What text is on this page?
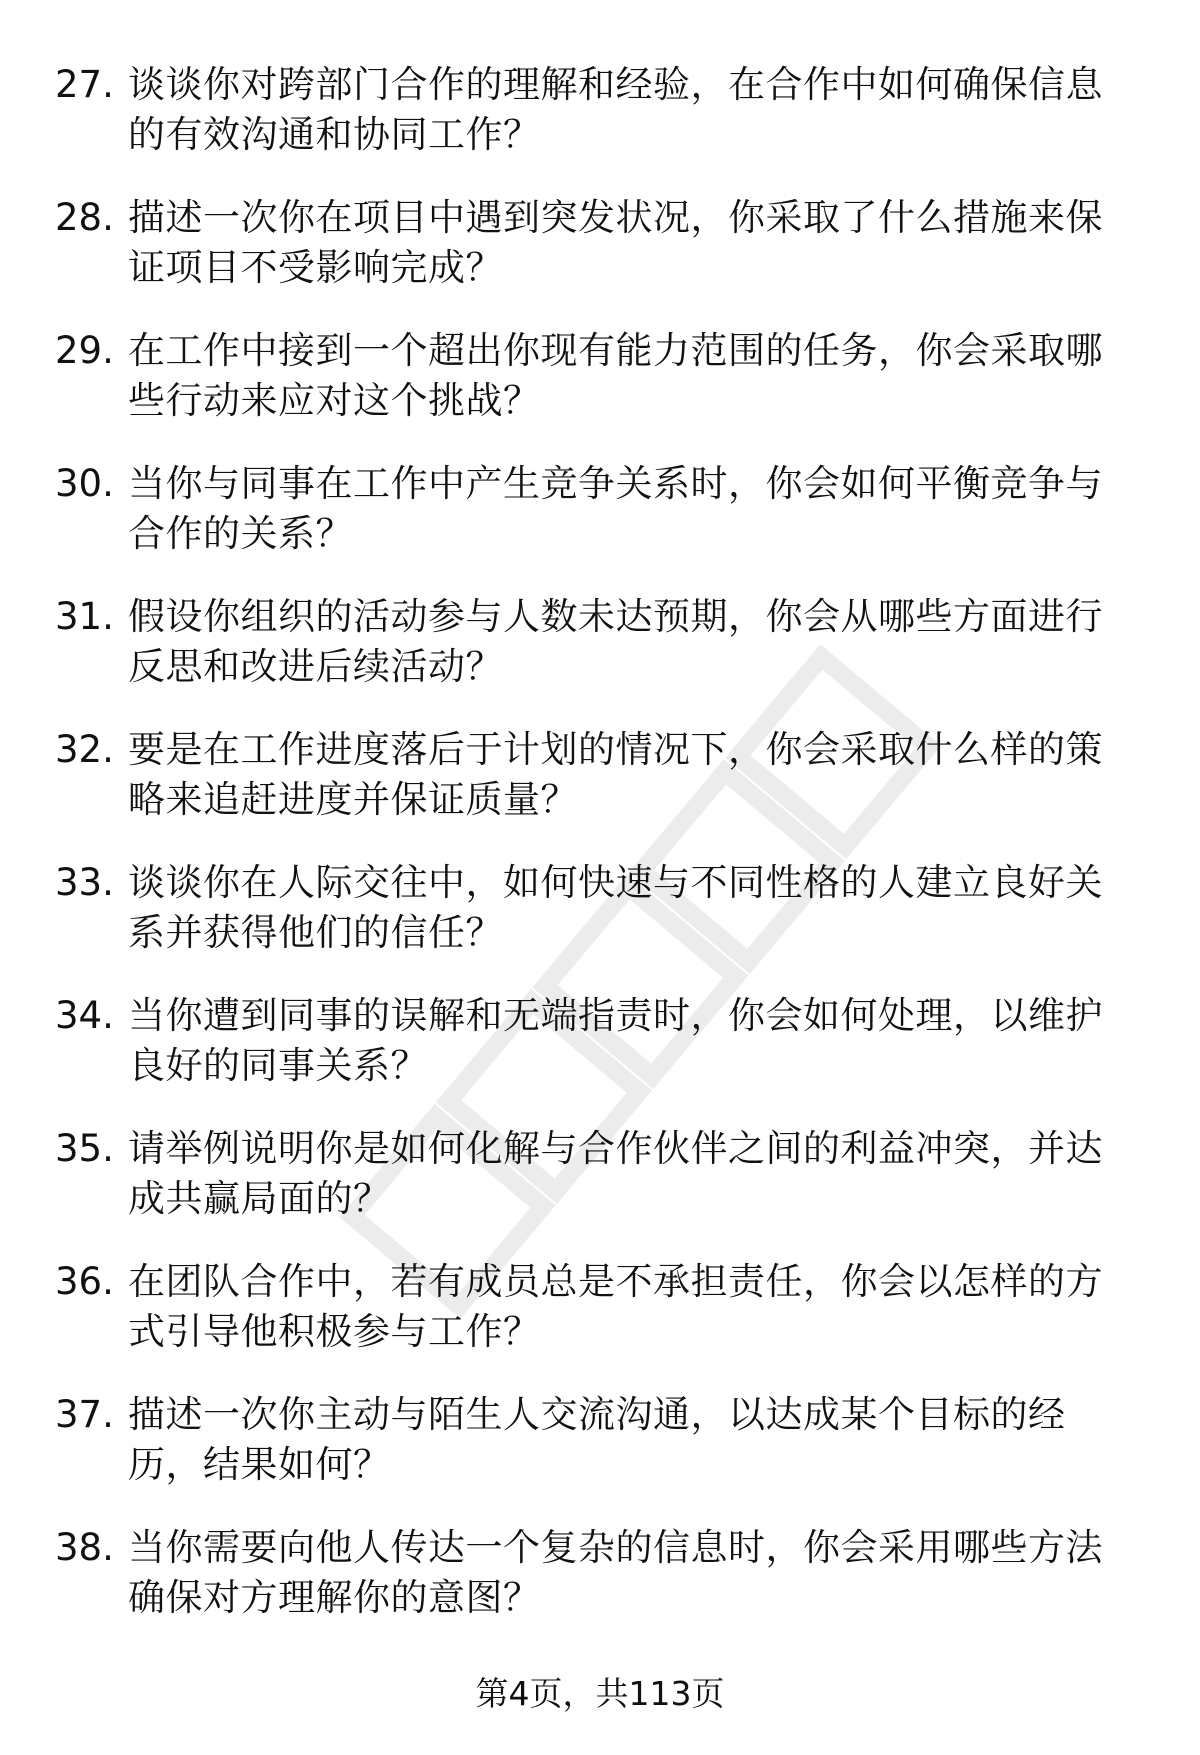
27. 谈谈你对跨部门合作的理解和经验，在合作中如何确保信息的有效沟通和协同工作？
28. 描述一次你在项目中遇到突发状况，你采取了什么措施来保证项目不受影响完成？
29. 在工作中接到一个超出你现有能力范围的任务，你会采取哪些行动来应对这个挑战？
30. 当你与同事在工作中产生竞争关系时，你会如何平衡竞争与合作的关系？
31. 假设你组织的活动参与人数未达预期，你会从哪些方面进行反思和改进后续活动？
32. 要是在工作进度落后于计划的情况下，你会采取什么样的策略来追赶进度并保证质量？
33. 谈谈你在人际交往中，如何快速与不同性格的人建立良好关系并获得他们的信任？
34. 当你遭到同事的误解和无端指责时，你会如何处理，以维护良好的同事关系？
35. 请举例说明你是如何化解与合作伙伴之间的利益冲突，并达成共赢局面的？
36. 在团队合作中，若有成员总是不承担责任，你会以怎样的方式引导他积极参与工作？
37. 描述一次你主动与陌生人交流沟通，以达成某个目标的经历，结果如何？
38. 当你需要向他人传达一个复杂的信息时，你会采用哪些方法确保对方理解你的意图？
第4页，共113页
